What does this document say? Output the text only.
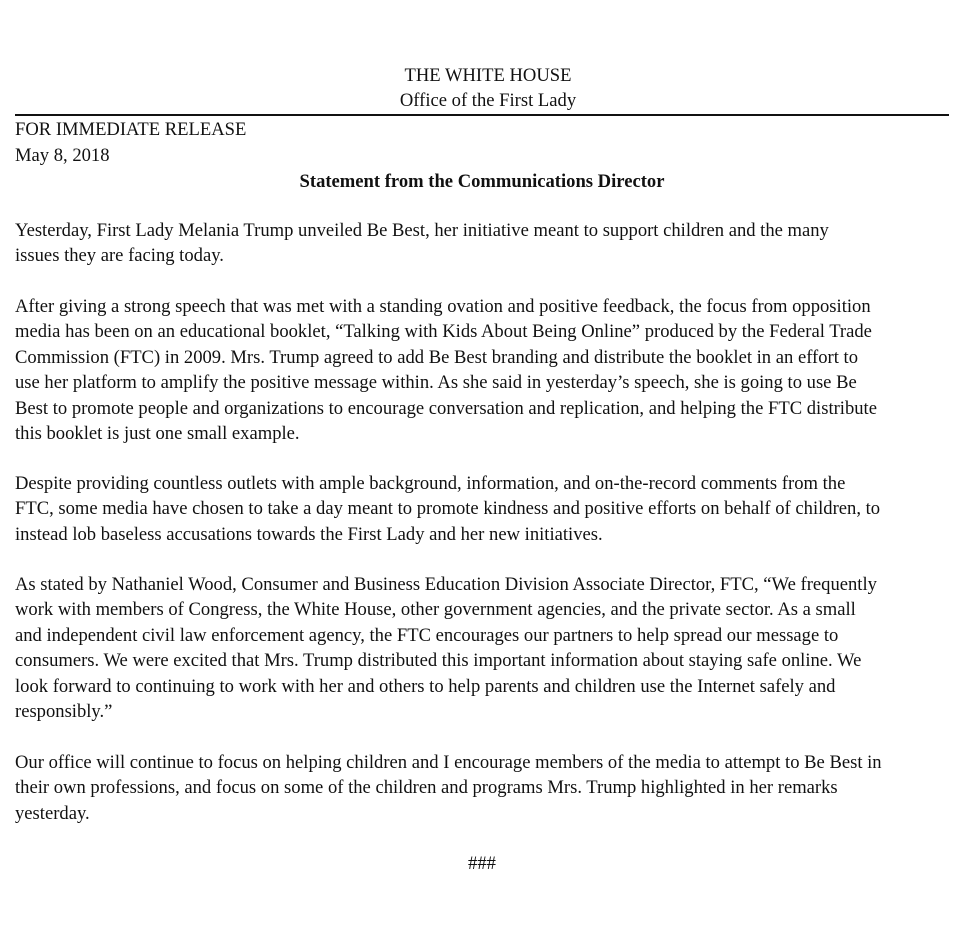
THE WHITE HOUSE
Office of the First Lady
FOR IMMEDIATE RELEASE
May 8, 2018
Statement from the Communications Director

Yesterday, First Lady Melania Trump unveiled Be Best, her initiative meant to support children and the many
issues they are facing today.

After giving a strong speech that was met with a standing ovation and positive feedback, the focus from opposition
media has been on an educational booklet, “Talking with Kids About Being Online” produced by the Federal Trade
Commission (FTC) in 2009. Mrs. Trump agreed to add Be Best branding and distribute the booklet in an effort to
use her platform to amplify the positive message within. As she said in yesterday’s speech, she is going to use Be
Best to promote people and organizations to encourage conversation and replication, and helping the FTC distribute
this booklet is just one small example.

Despite providing countless outlets with ample background, information, and on-the-record comments from the
FTC, some media have chosen to take a day meant to promote kindness and positive efforts on behalf of children, to
instead lob baseless accusations towards the First Lady and her new initiatives.

As stated by Nathaniel Wood, Consumer and Business Education Division Associate Director, FTC, “We frequently
work with members of Congress, the White House, other government agencies, and the private sector. As a small
and independent civil law enforcement agency, the FTC encourages our partners to help spread our message to
consumers. We were excited that Mrs. Trump distributed this important information about staying safe online. We
look forward to continuing to work with her and others to help parents and children use the Internet safely and
responsibly.”

Our office will continue to focus on helping children and I encourage members of the media to attempt to Be Best in
their own professions, and focus on some of the children and programs Mrs. Trump highlighted in her remarks
yesterday.

###
